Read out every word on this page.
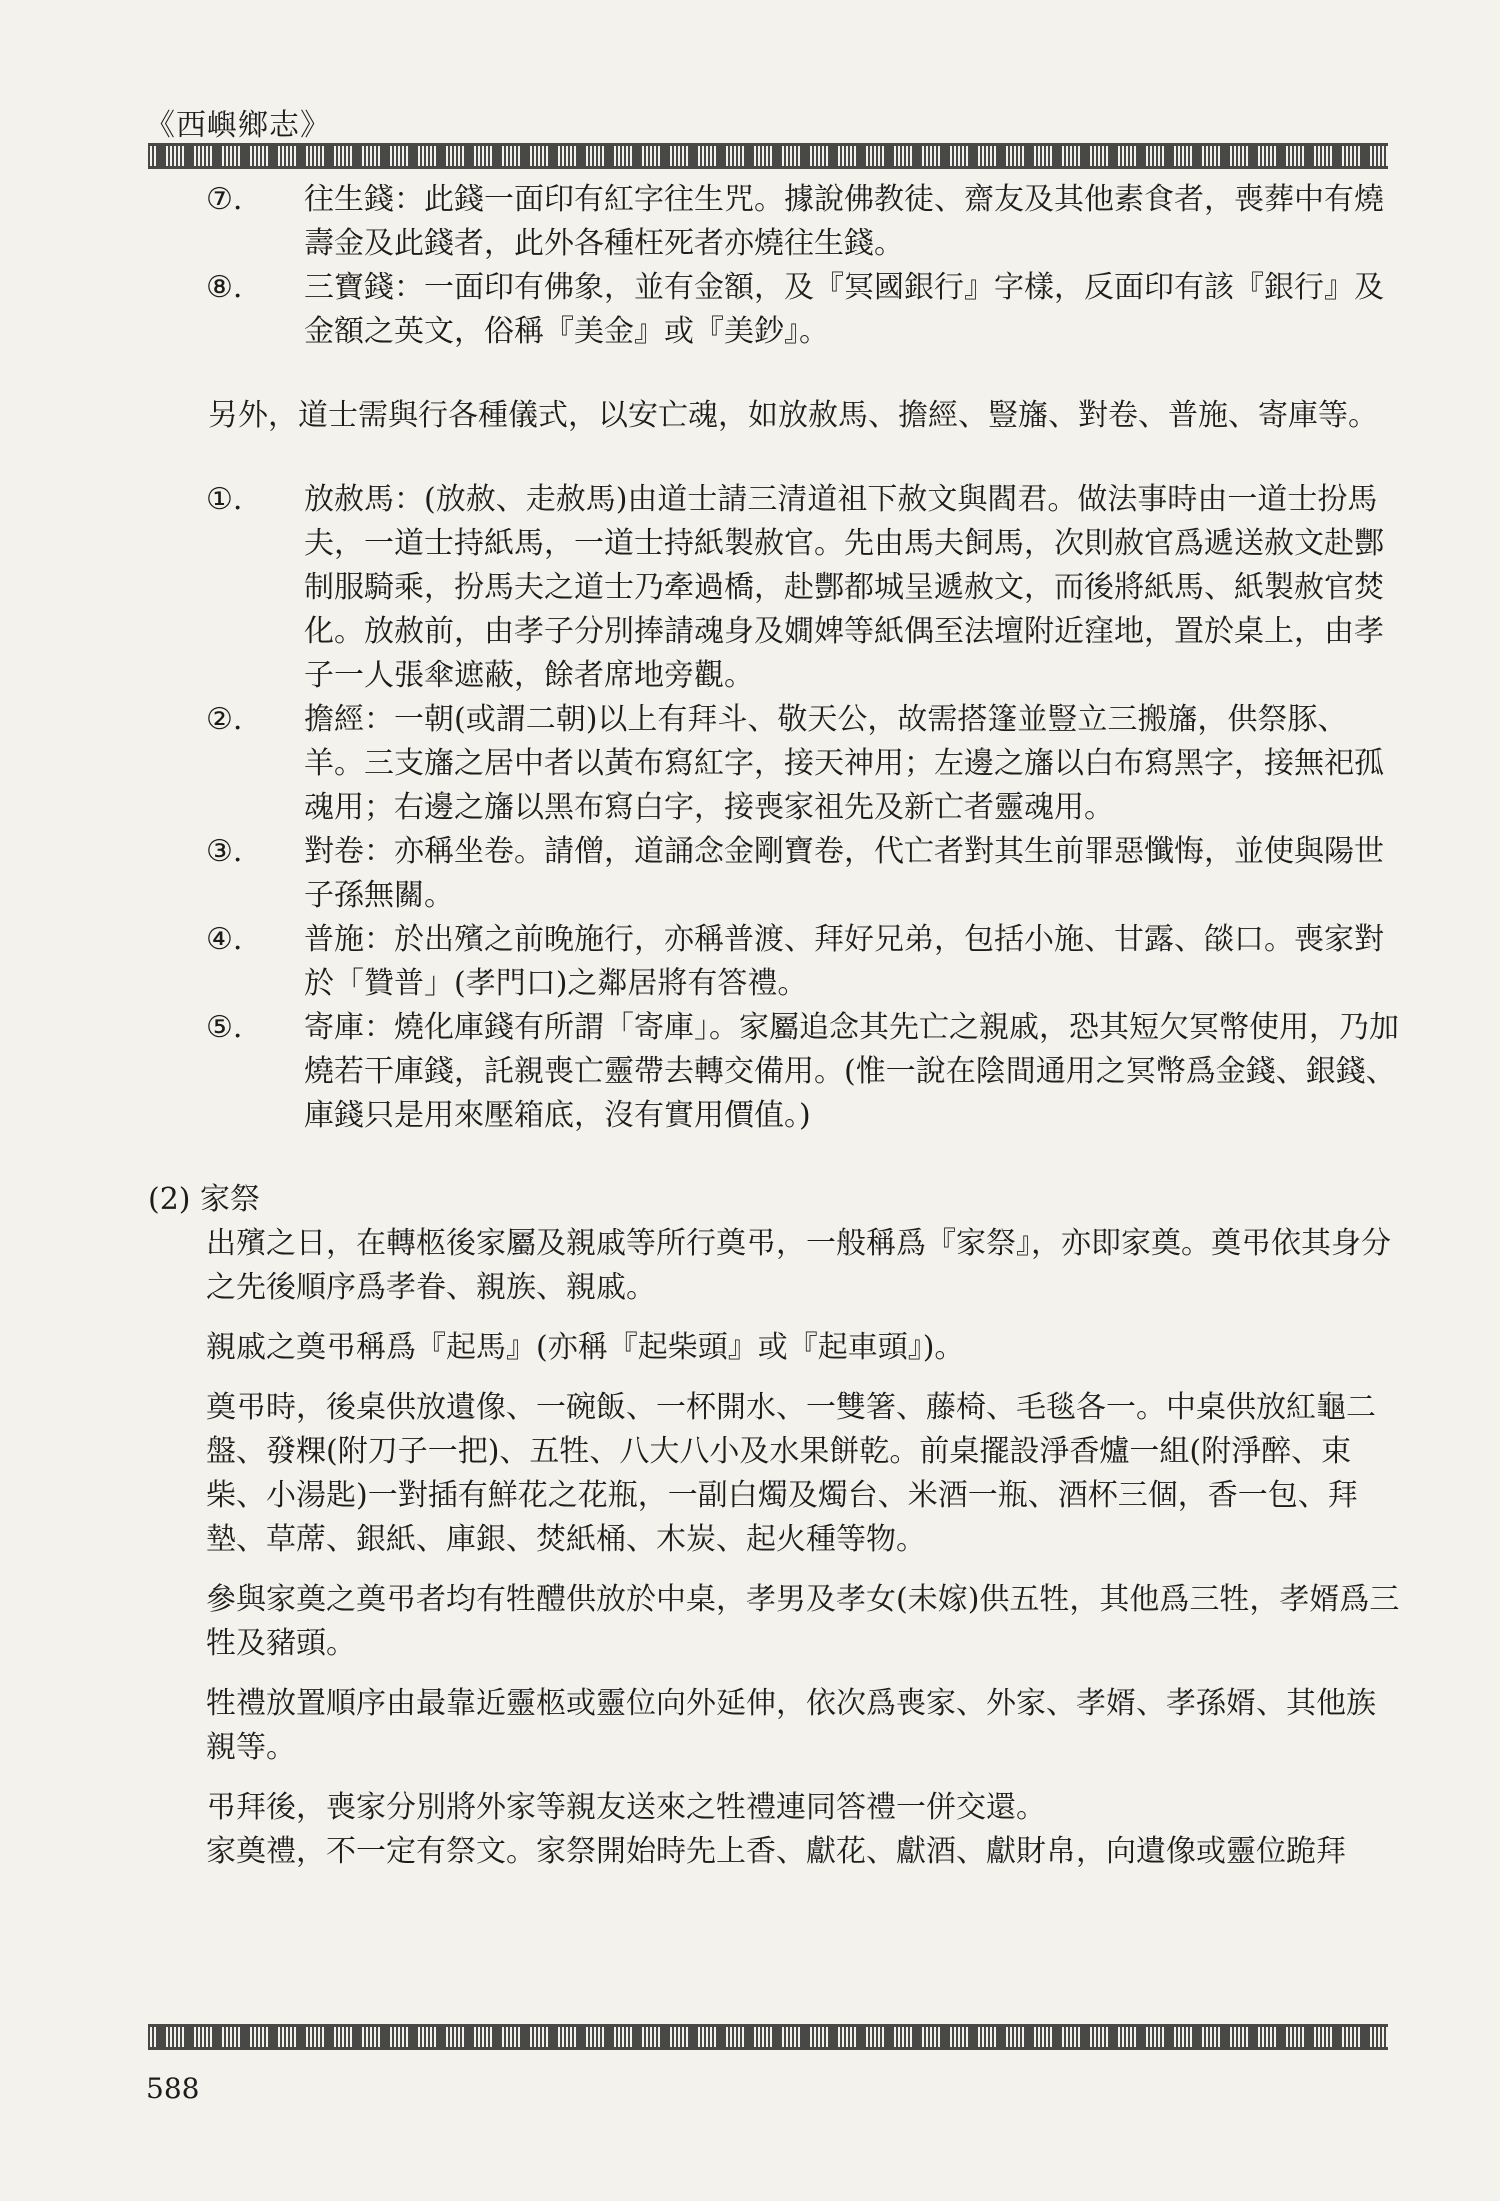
《西嶼鄉志》
⑦.	往生錢：此錢一面印有紅字往生咒。據說佛教徒、齋友及其他素食者，喪葬中有燒壽金及此錢者，此外各種枉死者亦燒往生錢。
⑧.	三寶錢：一面印有佛象，並有金額，及『冥國銀行』字樣，反面印有該『銀行』及金額之英文，俗稱『美金』或『美鈔』。

另外，道士需與行各種儀式，以安亡魂，如放赦馬、擔經、豎旛、對卷、普施、寄庫等。

①.	放赦馬：(放赦、走赦馬)由道士請三清道祖下赦文與閻君。做法事時由一道士扮馬夫，一道士持紙馬，一道士持紙製赦官。先由馬夫飼馬，次則赦官爲遞送赦文赴酆制服騎乘，扮馬夫之道士乃牽過橋，赴酆都城呈遞赦文，而後將紙馬、紙製赦官焚化。放赦前，由孝子分別捧請魂身及嫺婢等紙偶至法壇附近窪地，置於桌上，由孝子一人張傘遮蔽，餘者席地旁觀。
②.	擔經：一朝(或謂二朝)以上有拜斗、敬天公，故需搭篷並豎立三搬旛，供祭豚、羊。三支旛之居中者以黃布寫紅字，接天神用；左邊之旛以白布寫黑字，接無祀孤魂用；右邊之旛以黑布寫白字，接喪家祖先及新亡者靈魂用。
③.	對卷：亦稱坐卷。請僧，道誦念金剛寶卷，代亡者對其生前罪惡懺悔，並使與陽世子孫無關。
④.	普施：於出殯之前晚施行，亦稱普渡、拜好兄弟，包括小施、甘露、燄口。喪家對於「贊普」(孝門口)之鄰居將有答禮。
⑤.	寄庫：燒化庫錢有所謂「寄庫」。家屬追念其先亡之親戚，恐其短欠冥幣使用，乃加燒若干庫錢，託親喪亡靈帶去轉交備用。(惟一說在陰間通用之冥幣爲金錢、銀錢、庫錢只是用來壓箱底，沒有實用價值。)

(2) 家祭

出殯之日，在轉柩後家屬及親戚等所行奠弔，一般稱爲『家祭』，亦即家奠。奠弔依其身分之先後順序爲孝眷、親族、親戚。

親戚之奠弔稱爲『起馬』(亦稱『起柴頭』或『起車頭』)。

奠弔時，後桌供放遺像、一碗飯、一杯開水、一雙箸、藤椅、毛毯各一。中桌供放紅龜二盤、發粿(附刀子一把)、五牲、八大八小及水果餅乾。前桌擺設淨香爐一組(附淨醉、束柴、小湯匙)一對插有鮮花之花瓶，一副白燭及燭台、米酒一瓶、酒杯三個，香一包、拜墊、草蓆、銀紙、庫銀、焚紙桶、木炭、起火種等物。

參與家奠之奠弔者均有牲醴供放於中桌，孝男及孝女(未嫁)供五牲，其他爲三牲，孝婿爲三牲及豬頭。

牲禮放置順序由最靠近靈柩或靈位向外延伸，依次爲喪家、外家、孝婿、孝孫婿、其他族親等。

弔拜後，喪家分別將外家等親友送來之牲禮連同答禮一併交還。

家奠禮，不一定有祭文。家祭開始時先上香、獻花、獻酒、獻財帛，向遺像或靈位跪拜

588
